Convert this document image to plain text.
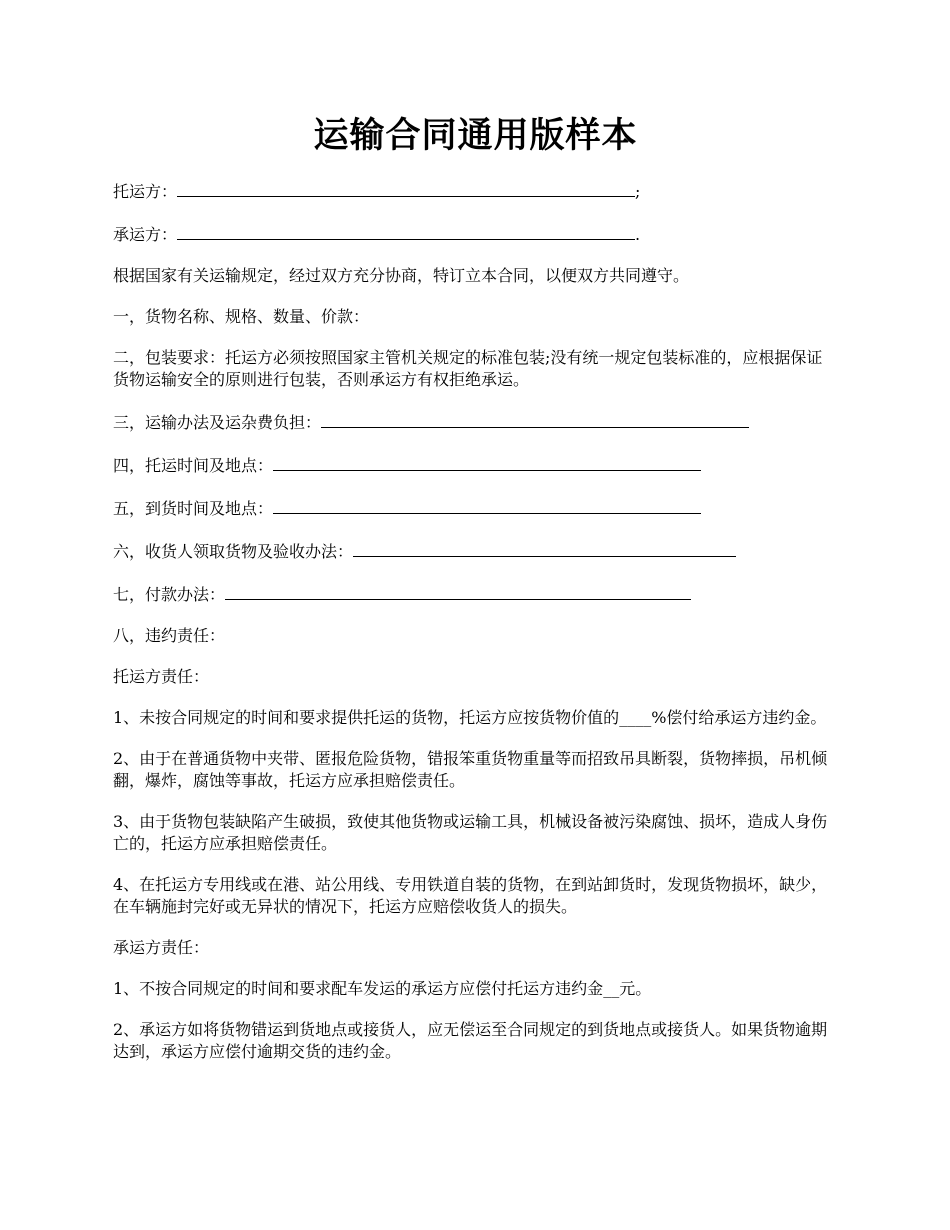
运输合同通用版样本

托运方：	;

承运方：	.

根据国家有关运输规定，经过双方充分协商，特订立本合同，以便双方共同遵守。

一，货物名称、规格、数量、价款：

二，包装要求：托运方必须按照国家主管机关规定的标准包装;没有统一规定包装标准的，应根据保证货物运输安全的原则进行包装，否则承运方有权拒绝承运。

三，运输办法及运杂费负担：

四，托运时间及地点：

五，到货时间及地点：

六，收货人领取货物及验收办法：

七，付款办法：

八，违约责任：

托运方责任：

1、未按合同规定的时间和要求提供托运的货物，托运方应按货物价值的____%偿付给承运方违约金。

2、由于在普通货物中夹带、匿报危险货物，错报笨重货物重量等而招致吊具断裂，货物摔损，吊机倾翻，爆炸，腐蚀等事故，托运方应承担赔偿责任。

3、由于货物包装缺陷产生破损，致使其他货物或运输工具，机械设备被污染腐蚀、损坏，造成人身伤亡的，托运方应承担赔偿责任。

4、在托运方专用线或在港、站公用线、专用铁道自装的货物，在到站卸货时，发现货物损坏，缺少，在车辆施封完好或无异状的情况下，托运方应赔偿收货人的损失。

承运方责任：

1、不按合同规定的时间和要求配车发运的承运方应偿付托运方违约金__元。

2、承运方如将货物错运到货地点或接货人，应无偿运至合同规定的到货地点或接货人。如果货物逾期达到，承运方应偿付逾期交货的违约金。
